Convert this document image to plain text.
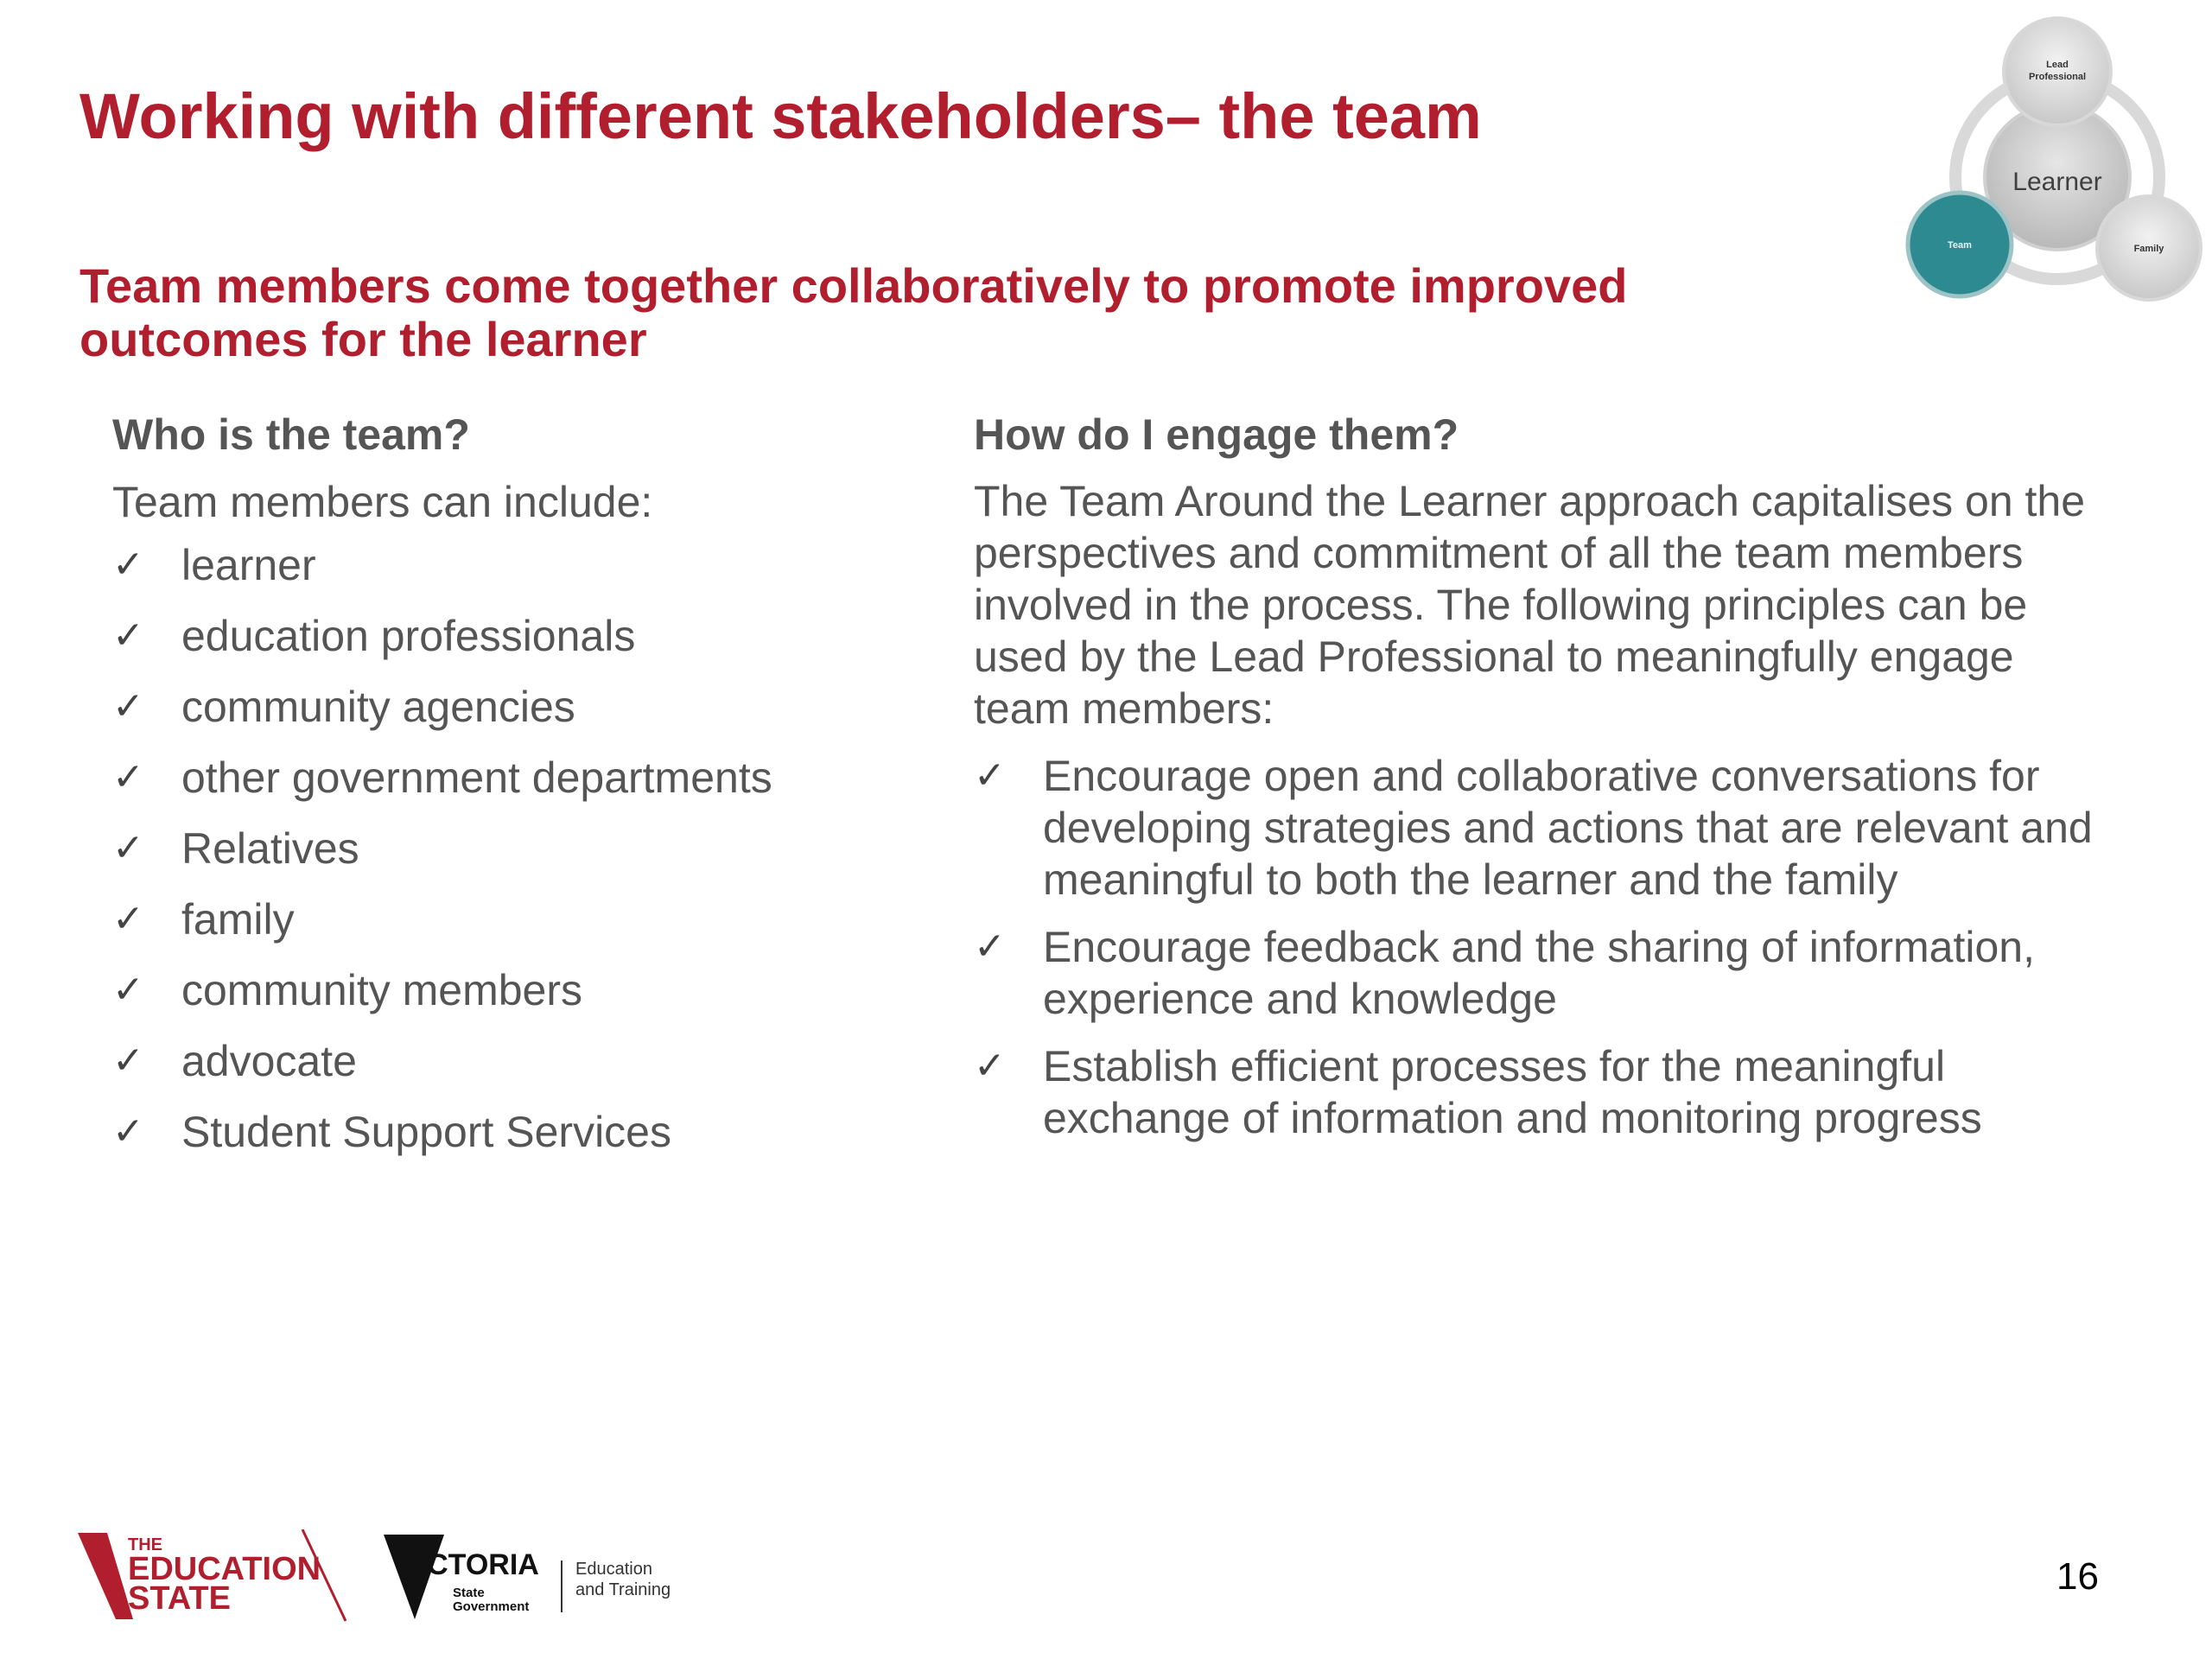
Working with different stakeholders– the team
Team members come together collaboratively to promote improved outcomes for the learner
Learner
Lead
Professional
Team	Family
Who is the team?

Team members can include:

✓ learner
✓ education professionals
✓ community agencies
✓ other government departments
✓ Relatives
✓ family
✓ community members
✓ advocate
✓ Student Support Services
How do I engage them?

The Team Around the Learner approach capitalises on the perspectives and commitment of all the team members involved in the process. The following principles can be used by the Lead Professional to meaningfully engage team members:

✓ Encourage open and collaborative conversations for developing strategies and actions that are relevant and meaningful to both the learner and the family
✓ Encourage feedback and the sharing of information, experience and knowledge
✓ Establish efficient processes for the meaningful exchange of information and monitoring progress
THE
EDUCATION
STATE
VICTORIA
State
Government
Education
and Training	16
